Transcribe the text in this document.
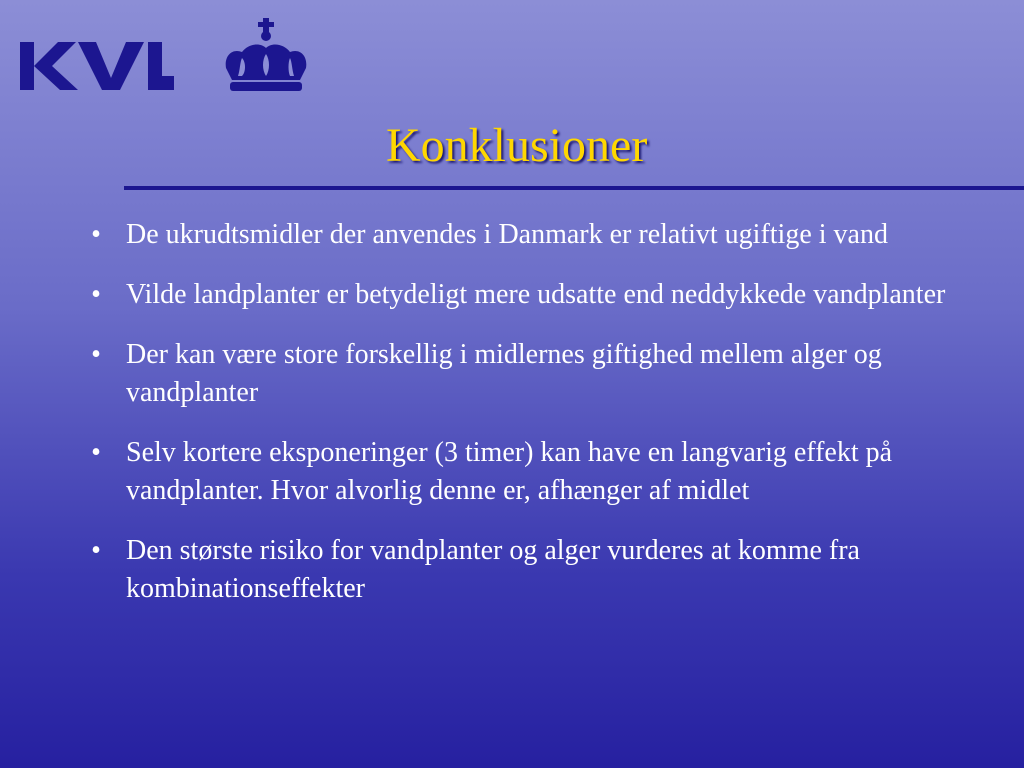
Konklusioner
• De ukrudtsmidler der anvendes i Danmark er relativt ugiftige i vand
• Vilde landplanter er betydeligt mere udsatte end neddykkede vandplanter
• Der kan være store forskellig i midlernes giftighed mellem alger og vandplanter
• Selv kortere eksponeringer (3 timer) kan have en langvarig effekt på vandplanter. Hvor alvorlig denne er, afhænger af midlet
• Den største risiko for vandplanter og alger vurderes at komme fra kombinationseffekter
